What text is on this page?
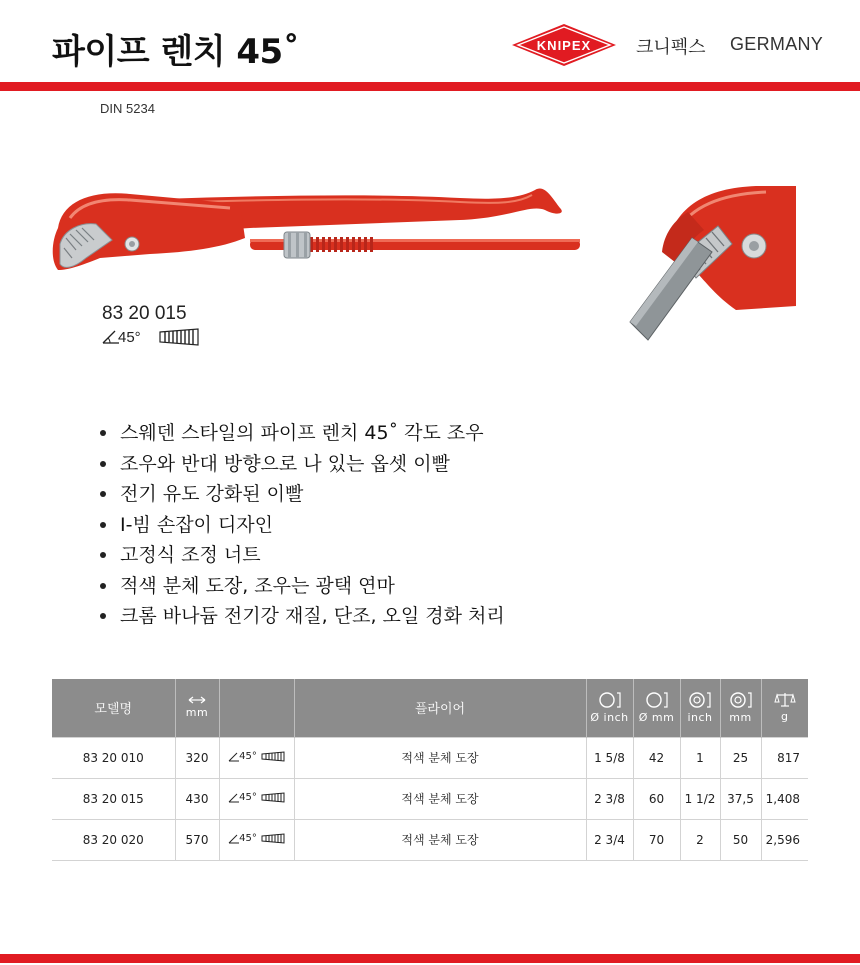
파이프 렌치 45˚	KNIPEX 크니펙스 GERMANY
DIN 5234
83 20 015
45°
스웨덴 스타일의 파이프 렌치 45˚ 각도 조우
조우와 반대 방향으로 나 있는 옵셋 이빨
전기 유도 강화된 이빨
I-빔 손잡이 디자인
고정식 조정 너트
적색 분체 도장, 조우는 광택 연마
크롬 바나듐 전기강 재질, 단조, 오일 경화 처리
모델명	mm		플라이어	Ø inch	Ø mm	inch	mm	g

83 20 010	320	45°	적색 분체 도장	1 5/8	42	1	25	817
83 20 015	430	45°	적색 분체 도장	2 3/8	60	1 1/2	37,5	1,408
83 20 020	570	45°	적색 분체 도장	2 3/4	70	2	50	2,596
